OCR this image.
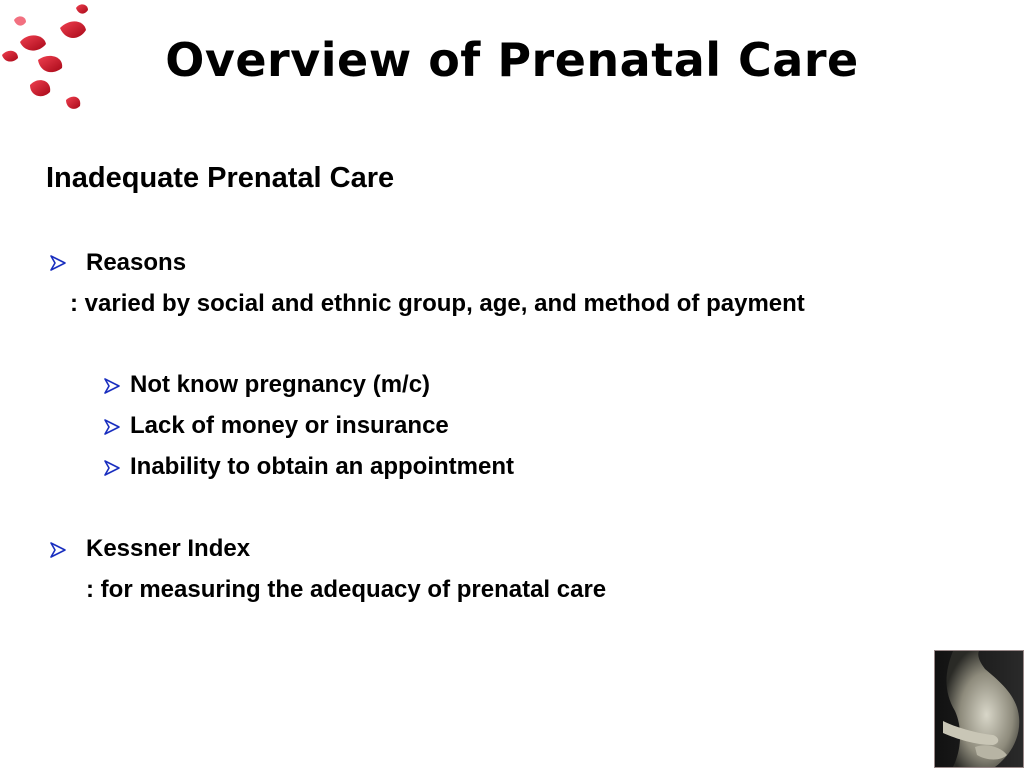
Overview of Prenatal Care
Inadequate Prenatal Care
Reasons
: varied by social and ethnic group, age, and method of payment
Not know pregnancy (m/c)
Lack of money or insurance
Inability to obtain an appointment
Kessner Index
: for measuring the adequacy of prenatal care
